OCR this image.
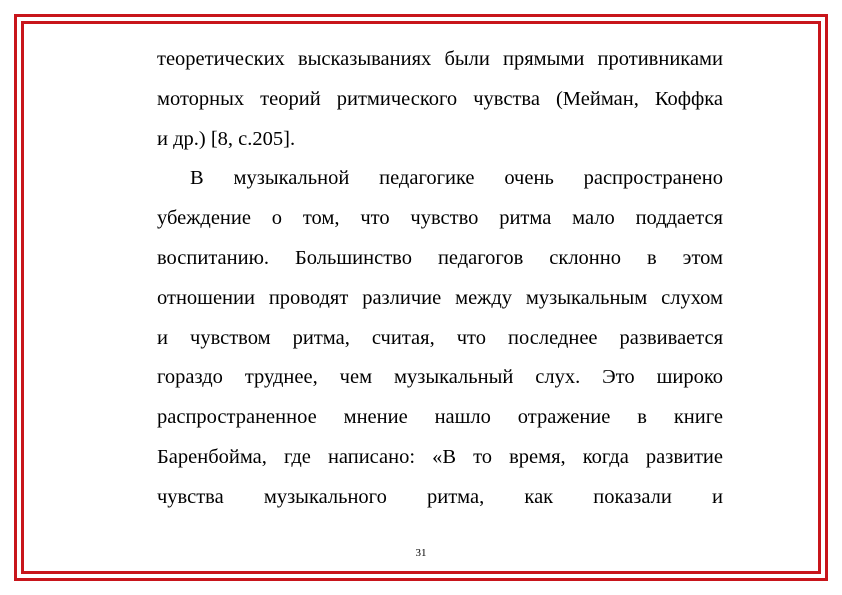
теоретических высказываниях были прямыми противниками
моторных теорий ритмического чувства (Мейман, Коффка
и др.) [8, с.205].
В музыкальной педагогике очень распространено
убеждение о том, что чувство ритма мало поддается
воспитанию. Большинство педагогов склонно в этом
отношении проводят различие между музыкальным слухом
и чувством ритма, считая, что последнее развивается
гораздо труднее, чем музыкальный слух. Это широко
распространенное мнение нашло отражение в книге
Баренбойма, где написано: «В то время, когда развитие
чувства музыкального ритма, как показали и
31
